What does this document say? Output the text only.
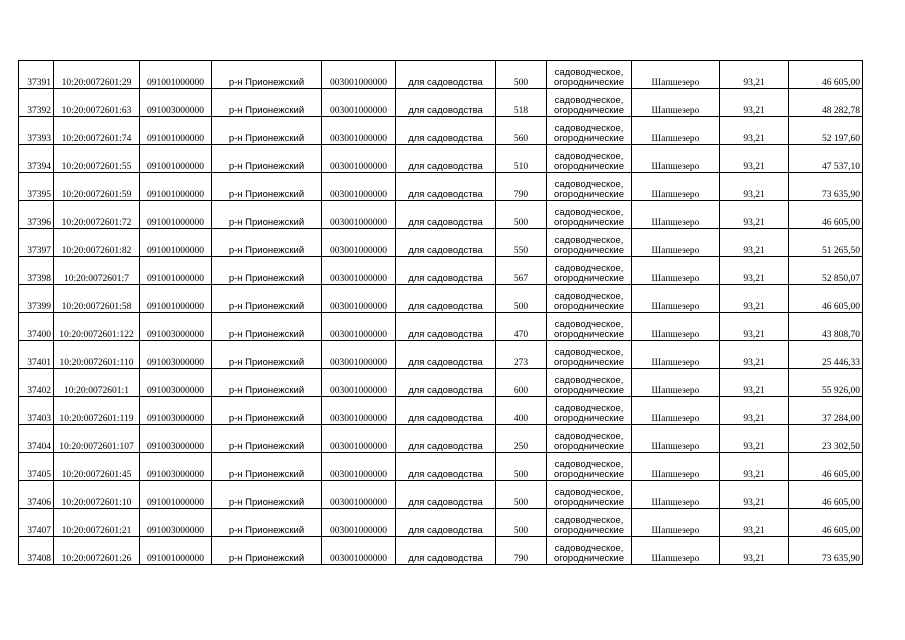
37391	10:20:0072601:29	091001000000	р-н Прионежский	003001000000	для садоводства	500	садоводческое,
огороднические	Шапшезеро	93,21	46 605,00
37392	10:20:0072601:63	091003000000	р-н Прионежский	003001000000	для садоводства	518	садоводческое,
огороднические	Шапшезеро	93,21	48 282,78
37393	10:20:0072601:74	091001000000	р-н Прионежский	003001000000	для садоводства	560	садоводческое,
огороднические	Шапшезеро	93,21	52 197,60
37394	10:20:0072601:55	091001000000	р-н Прионежский	003001000000	для садоводства	510	садоводческое,
огороднические	Шапшезеро	93,21	47 537,10
37395	10:20:0072601:59	091001000000	р-н Прионежский	003001000000	для садоводства	790	садоводческое,
огороднические	Шапшезеро	93,21	73 635,90
37396	10:20:0072601:72	091001000000	р-н Прионежский	003001000000	для садоводства	500	садоводческое,
огороднические	Шапшезеро	93,21	46 605,00
37397	10:20:0072601:82	091001000000	р-н Прионежский	003001000000	для садоводства	550	садоводческое,
огороднические	Шапшезеро	93,21	51 265,50
37398	10:20:0072601:7	091001000000	р-н Прионежский	003001000000	для садоводства	567	садоводческое,
огороднические	Шапшезеро	93,21	52 850,07
37399	10:20:0072601:58	091001000000	р-н Прионежский	003001000000	для садоводства	500	садоводческое,
огороднические	Шапшезеро	93,21	46 605,00
37400	10:20:0072601:122	091003000000	р-н Прионежский	003001000000	для садоводства	470	садоводческое,
огороднические	Шапшезеро	93,21	43 808,70
37401	10:20:0072601:110	091003000000	р-н Прионежский	003001000000	для садоводства	273	садоводческое,
огороднические	Шапшезеро	93,21	25 446,33
37402	10:20:0072601:1	091003000000	р-н Прионежский	003001000000	для садоводства	600	садоводческое,
огороднические	Шапшезеро	93,21	55 926,00
37403	10:20:0072601:119	091003000000	р-н Прионежский	003001000000	для садоводства	400	садоводческое,
огороднические	Шапшезеро	93,21	37 284,00
37404	10:20:0072601:107	091003000000	р-н Прионежский	003001000000	для садоводства	250	садоводческое,
огороднические	Шапшезеро	93,21	23 302,50
37405	10:20:0072601:45	091003000000	р-н Прионежский	003001000000	для садоводства	500	садоводческое,
огороднические	Шапшезеро	93,21	46 605,00
37406	10:20:0072601:10	091001000000	р-н Прионежский	003001000000	для садоводства	500	садоводческое,
огороднические	Шапшезеро	93,21	46 605,00
37407	10:20:0072601:21	091003000000	р-н Прионежский	003001000000	для садоводства	500	садоводческое,
огороднические	Шапшезеро	93,21	46 605,00
37408	10:20:0072601:26	091001000000	р-н Прионежский	003001000000	для садоводства	790	садоводческое,
огороднические	Шапшезеро	93,21	73 635,90
